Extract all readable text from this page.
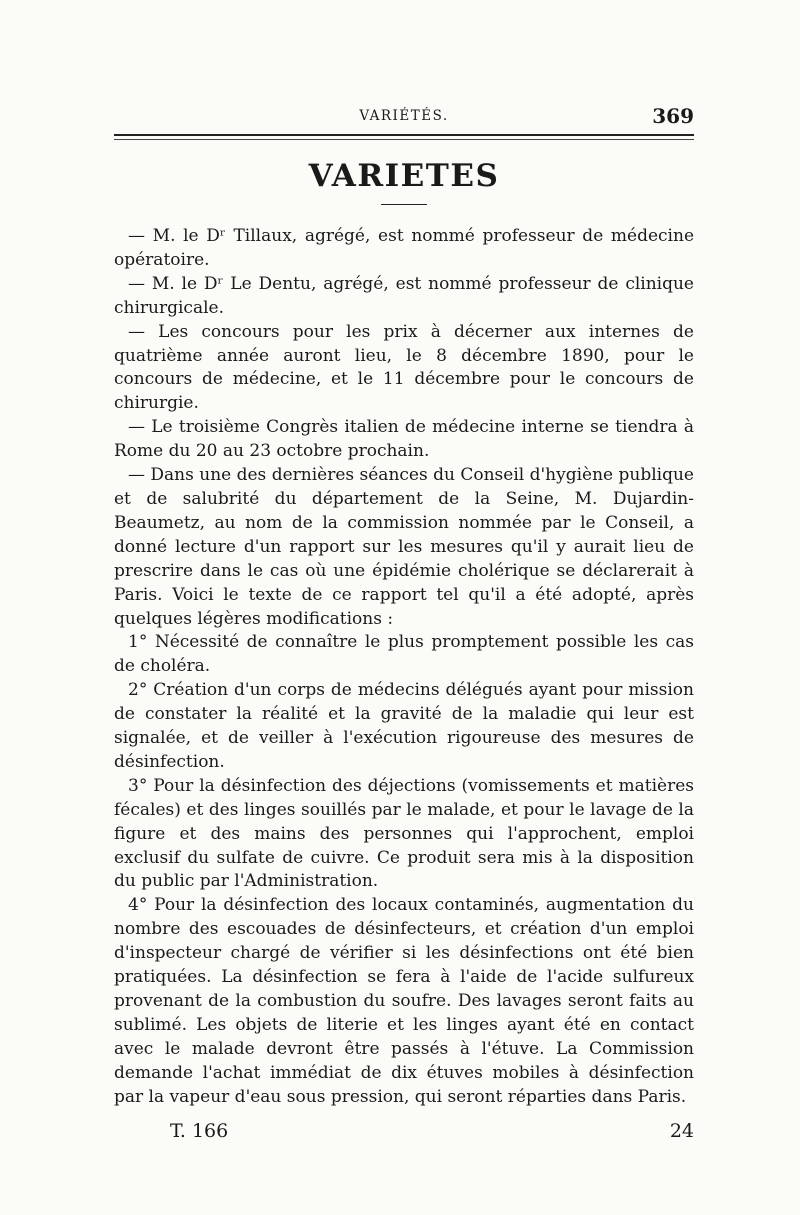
VARIÉTÉS.	369
VARIETES

— M. le Dʳ Tillaux, agrégé, est nommé professeur de médecine opératoire.

— M. le Dʳ Le Dentu, agrégé, est nommé professeur de clinique chirurgicale.

— Les concours pour les prix à décerner aux internes de quatrième année auront lieu, le 8 décembre 1890, pour le concours de médecine, et le 11 décembre pour le concours de chirurgie.

— Le troisième Congrès italien de médecine interne se tiendra à Rome du 20 au 23 octobre prochain.

— Dans une des dernières séances du Conseil d'hygiène publique et de salubrité du département de la Seine, M. Dujardin-Beaumetz, au nom de la commission nommée par le Conseil, a donné lecture d'un rapport sur les mesures qu'il y aurait lieu de prescrire dans le cas où une épidémie cholérique se déclarerait à Paris. Voici le texte de ce rapport tel qu'il a été adopté, après quelques légères modifications :

1° Nécessité de connaître le plus promptement possible les cas de choléra.

2° Création d'un corps de médecins délégués ayant pour mission de constater la réalité et la gravité de la maladie qui leur est signalée, et de veiller à l'exécution rigoureuse des mesures de désinfection.

3° Pour la désinfection des déjections (vomissements et matières fécales) et des linges souillés par le malade, et pour le lavage de la figure et des mains des personnes qui l'approchent, emploi exclusif du sulfate de cuivre. Ce produit sera mis à la disposition du public par l'Administration.

4° Pour la désinfection des locaux contaminés, augmentation du nombre des escouades de désinfecteurs, et création d'un emploi d'inspecteur chargé de vérifier si les désinfections ont été bien pratiquées. La désinfection se fera à l'aide de l'acide sulfureux provenant de la combustion du soufre. Des lavages seront faits au sublimé. Les objets de literie et les linges ayant été en contact avec le malade devront être passés à l'étuve. La Commission demande l'achat immédiat de dix étuves mobiles à désinfection par la vapeur d'eau sous pression, qui seront réparties dans Paris.

T. 166	24
